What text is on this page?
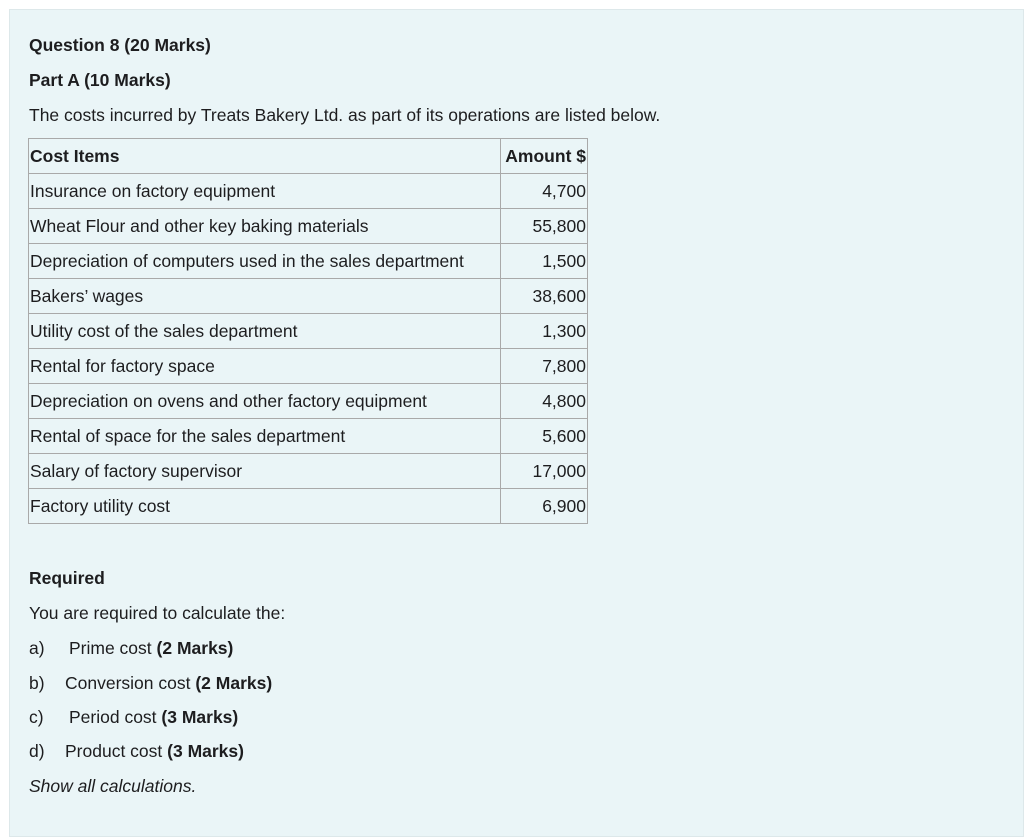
Question 8 (20 Marks)
Part A (10 Marks)
The costs incurred by Treats Bakery Ltd. as part of its operations are listed below.
Cost Items	Amount $
Insurance on factory equipment	4,700
Wheat Flour and other key baking materials	55,800
Depreciation of computers used in the sales department	1,500
Bakers’ wages	38,600
Utility cost of the sales department	1,300
Rental for factory space	7,800
Depreciation on ovens and other factory equipment	4,800
Rental of space for the sales department	5,600
Salary of factory supervisor	17,000
Factory utility cost	6,900
Required
You are required to calculate the:
a) Prime cost (2 Marks)
b) Conversion cost (2 Marks)
c) Period cost (3 Marks)
d) Product cost (3 Marks)
Show all calculations.
